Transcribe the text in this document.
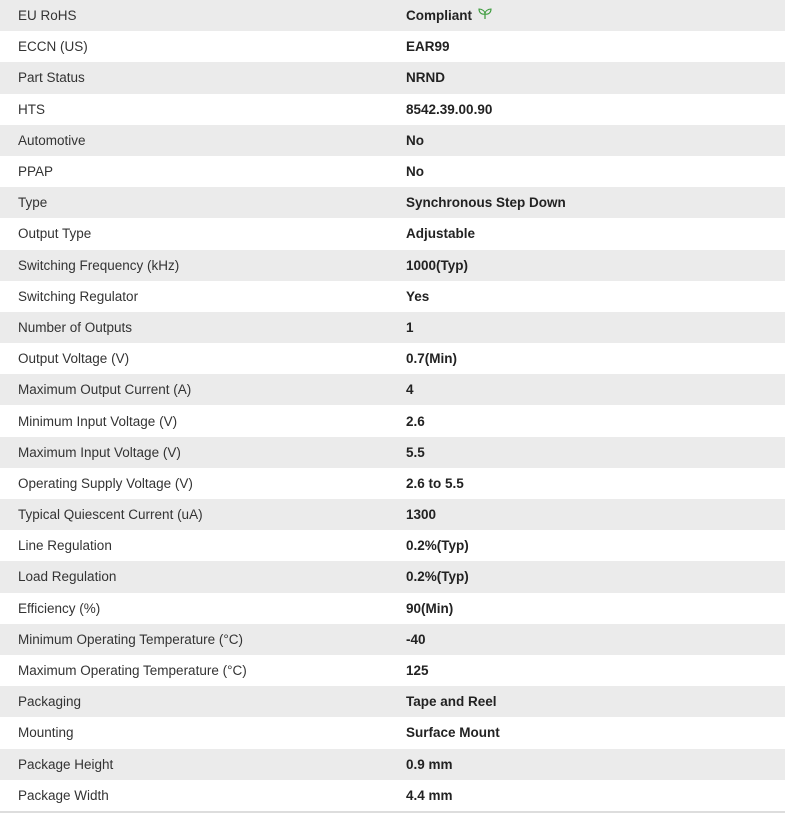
EU RoHS	Compliant
ECCN (US)	EAR99
Part Status	NRND
HTS	8542.39.00.90
Automotive	No
PPAP	No
Type	Synchronous Step Down
Output Type	Adjustable
Switching Frequency (kHz)	1000(Typ)
Switching Regulator	Yes
Number of Outputs	1
Output Voltage (V)	0.7(Min)
Maximum Output Current (A)	4
Minimum Input Voltage (V)	2.6
Maximum Input Voltage (V)	5.5
Operating Supply Voltage (V)	2.6 to 5.5
Typical Quiescent Current (uA)	1300
Line Regulation	0.2%(Typ)
Load Regulation	0.2%(Typ)
Efficiency (%)	90(Min)
Minimum Operating Temperature (°C)	-40
Maximum Operating Temperature (°C)	125
Packaging	Tape and Reel
Mounting	Surface Mount
Package Height	0.9 mm
Package Width	4.4 mm
